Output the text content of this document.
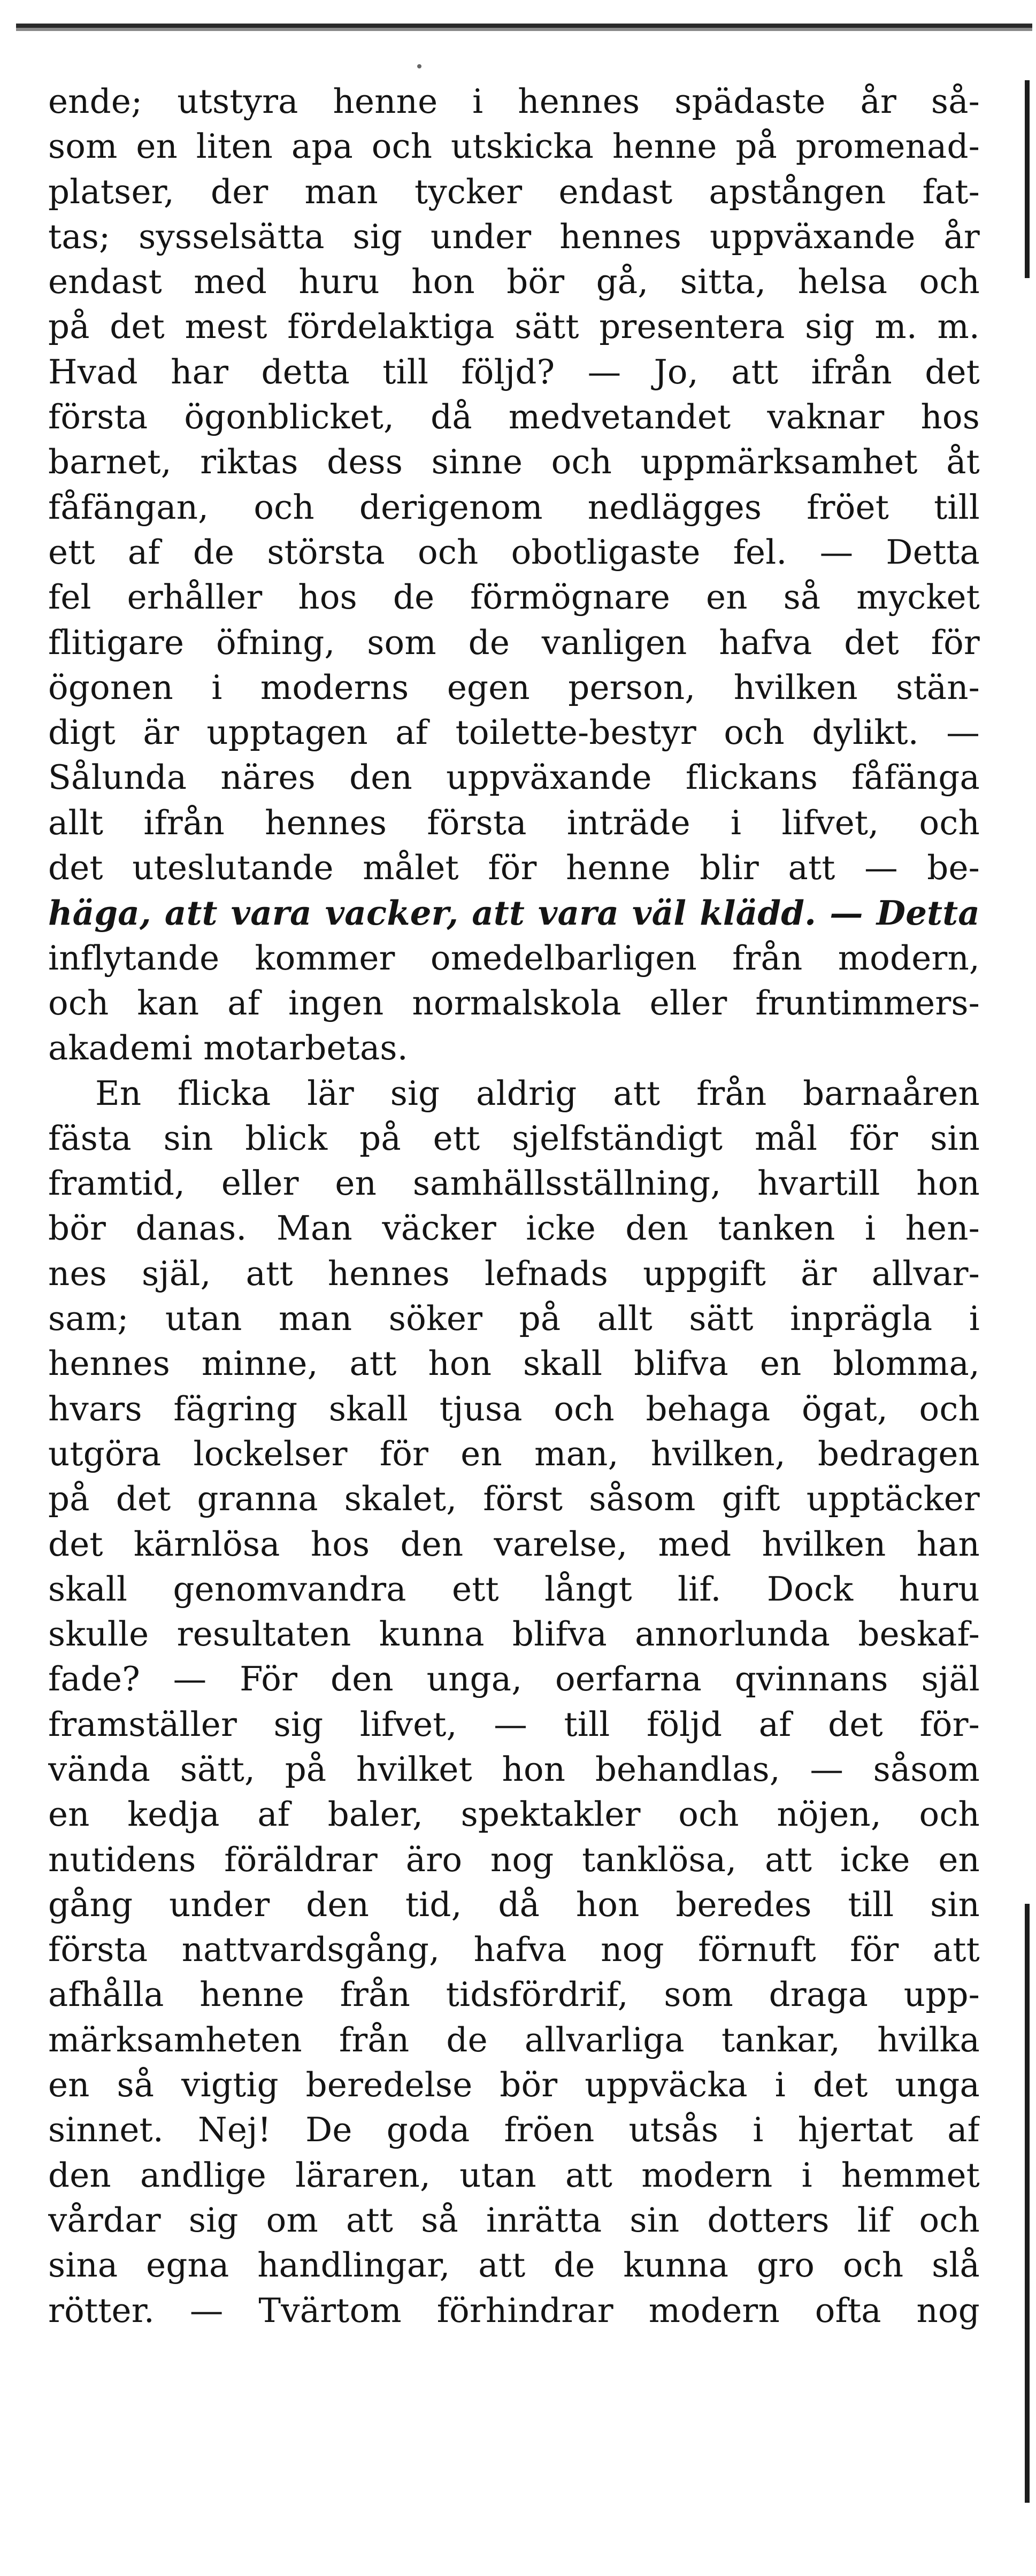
ende; utstyra henne i hennes spädaste år så-
som en liten apa och utskicka henne på promenad-
platser, der man tycker endast apstången fat-
tas; sysselsätta sig under hennes uppväxande år
endast med huru hon bör gå, sitta, helsa och
på det mest fördelaktiga sätt presentera sig m. m.
Hvad har detta till följd? — Jo, att ifrån det
första ögonblicket, då medvetandet vaknar hos
barnet, riktas dess sinne och uppmärksamhet åt
fåfängan, och derigenom nedlägges fröet till
ett af de största och obotligaste fel. — Detta
fel erhåller hos de förmögnare en så mycket
flitigare öfning, som de vanligen hafva det för
ögonen i moderns egen person, hvilken stän-
digt är upptagen af toilette-bestyr och dylikt. —
Sålunda näres den uppväxande flickans fåfänga
allt ifrån hennes första inträde i lifvet, och
det uteslutande målet för henne blir att — be-
häga, att vara vacker, att vara väl klädd. — Detta
inflytande kommer omedelbarligen från modern,
och kan af ingen normalskola eller fruntimmers-
akademi motarbetas.
En flicka lär sig aldrig att från barnaåren
fästa sin blick på ett sjelfständigt mål för sin
framtid, eller en samhällsställning, hvartill hon
bör danas. Man väcker icke den tanken i hen-
nes själ, att hennes lefnads uppgift är allvar-
sam; utan man söker på allt sätt inprägla i
hennes minne, att hon skall blifva en blomma,
hvars fägring skall tjusa och behaga ögat, och
utgöra lockelser för en man, hvilken, bedragen
på det granna skalet, först såsom gift upptäcker
det kärnlösa hos den varelse, med hvilken han
skall genomvandra ett långt lif. Dock huru
skulle resultaten kunna blifva annorlunda beskaf-
fade? — För den unga, oerfarna qvinnans själ
framställer sig lifvet, — till följd af det för-
vända sätt, på hvilket hon behandlas, — såsom
en kedja af baler, spektakler och nöjen, och
nutidens föräldrar äro nog tanklösa, att icke en
gång under den tid, då hon beredes till sin
första nattvardsgång, hafva nog förnuft för att
afhålla henne från tidsfördrif, som draga upp-
märksamheten från de allvarliga tankar, hvilka
en så vigtig beredelse bör uppväcka i det unga
sinnet. Nej! De goda fröen utsås i hjertat af
den andlige läraren, utan att modern i hemmet
vårdar sig om att så inrätta sin dotters lif och
sina egna handlingar, att de kunna gro och slå
rötter. — Tvärtom förhindrar modern ofta nog
